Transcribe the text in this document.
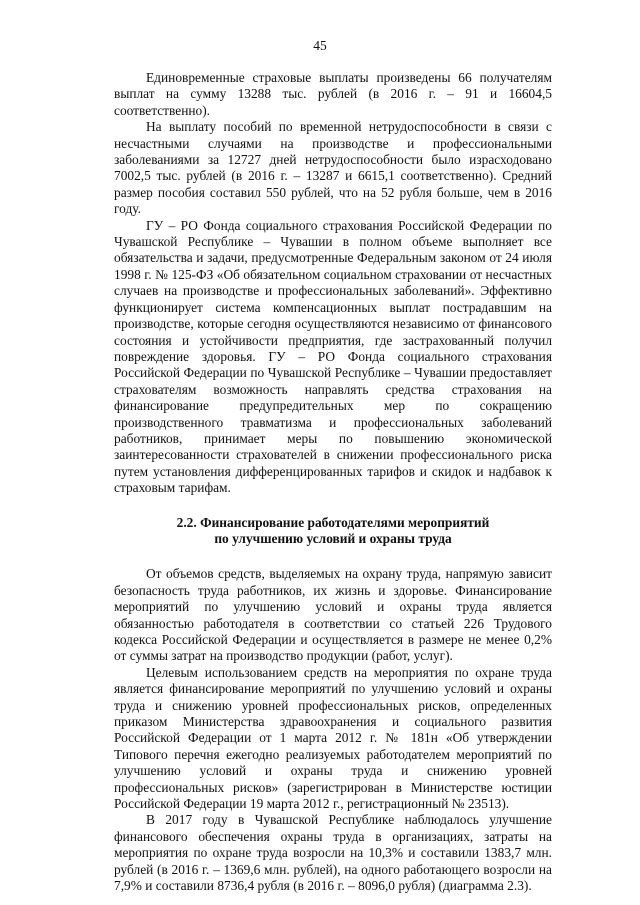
45

Единовременные страховые выплаты произведены 66 получателям выплат на сумму 13288 тыс. рублей (в 2016 г. – 91 и 16604,5 соответственно).

На выплату пособий по временной нетрудоспособности в связи с несчастными случаями на производстве и профессиональными заболеваниями за 12727 дней нетрудоспособности было израсходовано 7002,5 тыс. рублей (в 2016 г. – 13287 и 6615,1 соответственно). Средний размер пособия составил 550 рублей, что на 52 рубля больше, чем в 2016 году.

ГУ – РО Фонда социального страхования Российской Федерации по Чувашской Республике – Чувашии в полном объеме выполняет все обязательства и задачи, предусмотренные Федеральным законом от 24 июля 1998 г. № 125-ФЗ «Об обязательном социальном страховании от несчастных случаев на производстве и профессиональных заболеваний». Эффективно функционирует система компенсационных выплат пострадавшим на производстве, которые сегодня осуществляются независимо от финансового состояния и устойчивости предприятия, где застрахованный получил повреждение здоровья. ГУ – РО Фонда социального страхования Российской Федерации по Чувашской Республике – Чувашии предоставляет страхователям возможность направлять средства страхования на финансирование предупредительных мер по сокращению производственного травматизма и профессиональных заболеваний работников, принимает меры по повышению экономической заинтересованности страхователей в снижении профессионального риска путем установления дифференцированных тарифов и скидок и надбавок к страховым тарифам.

2.2. Финансирование работодателями мероприятий
по улучшению условий и охраны труда

От объемов средств, выделяемых на охрану труда, напрямую зависит безопасность труда работников, их жизнь и здоровье. Финансирование мероприятий по улучшению условий и охраны труда является обязанностью работодателя в соответствии со статьей 226 Трудового кодекса Российской Федерации и осуществляется в размере не менее 0,2% от суммы затрат на производство продукции (работ, услуг).

Целевым использованием средств на мероприятия по охране труда является финансирование мероприятий по улучшению условий и охраны труда и снижению уровней профессиональных рисков, определенных приказом Министерства здравоохранения и социального развития Российской Федерации от 1 марта 2012 г. № 181н «Об утверждении Типового перечня ежегодно реализуемых работодателем мероприятий по улучшению условий и охраны труда и снижению уровней профессиональных рисков» (зарегистрирован в Министерстве юстиции Российской Федерации 19 марта 2012 г., регистрационный № 23513).

В 2017 году в Чувашской Республике наблюдалось улучшение финансового обеспечения охраны труда в организациях, затраты на мероприятия по охране труда возросли на 10,3% и составили 1383,7 млн. рублей (в 2016 г. – 1369,6 млн. рублей), на одного работающего возросли на 7,9% и составили 8736,4 рубля (в 2016 г. – 8096,0 рубля) (диаграмма 2.3).
